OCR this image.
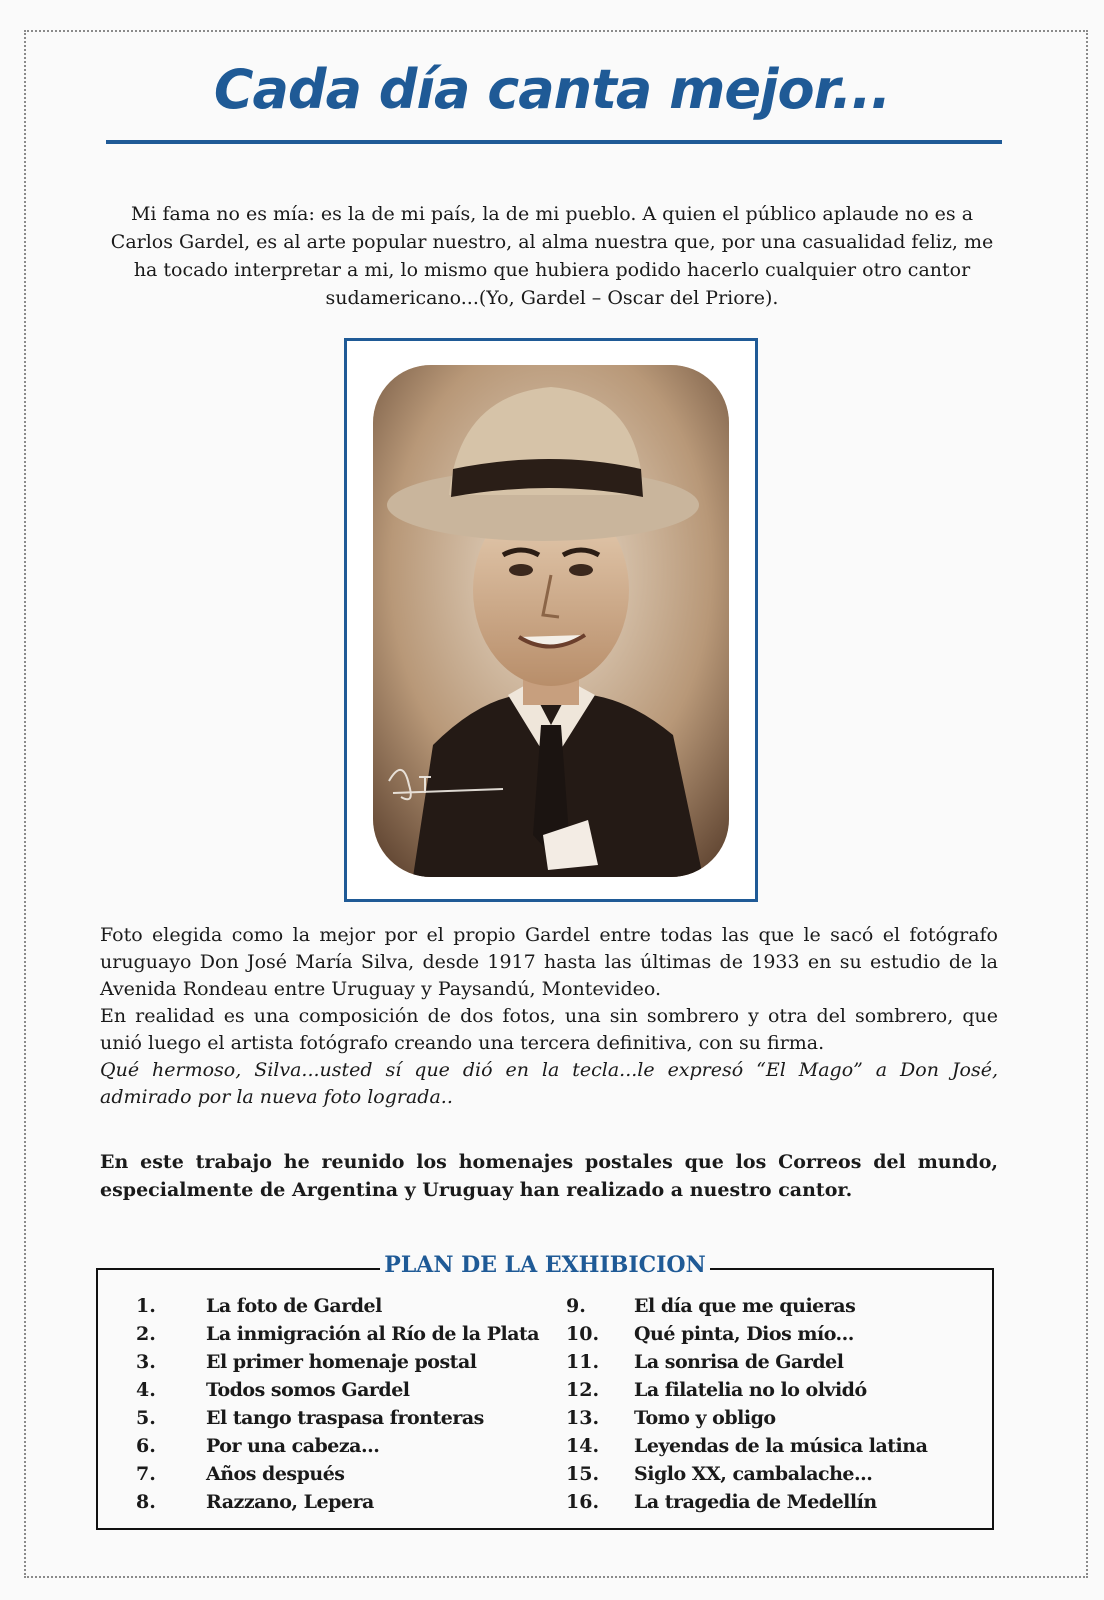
Cada día canta mejor...
Mi fama no es mía: es la de mi país, la de mi pueblo. A quien el público aplaude no es a Carlos Gardel, es al arte popular nuestro, al alma nuestra que, por una casualidad feliz, me ha tocado interpretar a mi, lo mismo que hubiera podido hacerlo cualquier otro cantor sudamericano...(Yo, Gardel – Oscar del Priore).

Foto elegida como la mejor por el propio Gardel entre todas las que le sacó el fotógrafo uruguayo Don José María Silva, desde 1917 hasta las últimas de 1933 en su estudio de la Avenida Rondeau entre Uruguay y Paysandú, Montevideo.

En realidad es una composición de dos fotos, una sin sombrero y otra del sombrero, que unió luego el artista fotógrafo creando una tercera definitiva, con su firma.

Qué hermoso, Silva...usted sí que dió en la tecla...le expresó “El Mago” a Don José, admirado por la nueva foto lograda..

En este trabajo he reunido los homenajes postales que los Correos del mundo, especialmente de Argentina y Uruguay han realizado a nuestro cantor.
PLAN DE LA EXHIBICION
1.	La foto de Gardel
2.	La inmigración al Río de la Plata
3.	El primer homenaje postal
4.	Todos somos Gardel
5.	El tango traspasa fronteras
6.	Por una cabeza...
7.	Años después
8.	Razzano, Lepera
9.	El día que me quieras
10.	Qué pinta, Dios mío...
11.	La sonrisa de Gardel
12.	La filatelia no lo olvidó
13.	Tomo y obligo
14.	Leyendas de la música latina
15.	Siglo XX, cambalache...
16.	La tragedia de Medellín
